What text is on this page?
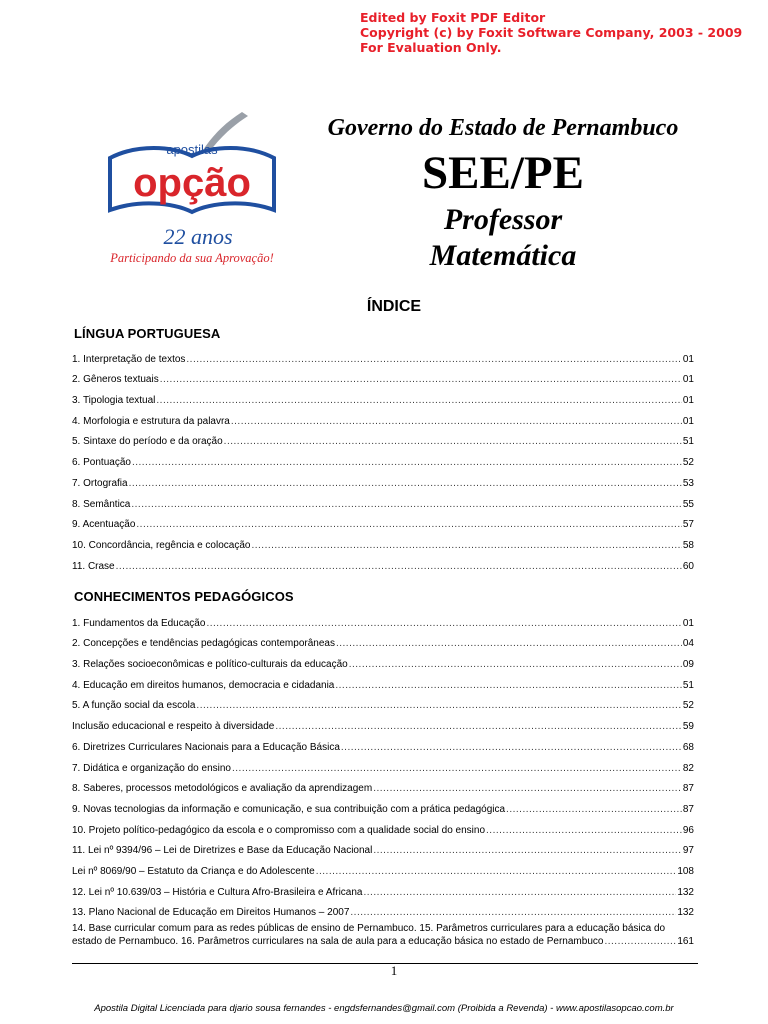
Edited by Foxit PDF Editor
Copyright (c) by Foxit Software Company, 2003 - 2009
For Evaluation Only.
apostilas
opção
22 anos
Participando da sua Aprovação!
Governo do Estado de Pernambuco
SEE/PE
Professor
Matemática
ÍNDICE
LÍNGUA PORTUGUESA
1. Interpretação de textos .....	01
2. Gêneros textuais .....	01
3. Tipologia textual .....	01
4. Morfologia e estrutura da palavra .....	01
5. Sintaxe do período e da oração .....	51
6. Pontuação .....	52
7. Ortografia .....	53
8. Semântica .....	55
9. Acentuação .....	57
10. Concordância, regência e colocação .....	58
11. Crase .....	60
CONHECIMENTOS PEDAGÓGICOS
1. Fundamentos da Educação .....	01
2. Concepções e tendências pedagógicas contemporâneas .....	04
3. Relações socioeconômicas e político-culturais da educação .....	09
4. Educação em direitos humanos, democracia e cidadania .....	51
5. A função social da escola .....	52
Inclusão educacional e respeito à diversidade .....	59
6. Diretrizes Curriculares Nacionais para a Educação Básica .....	68
7. Didática e organização do ensino .....	82
8. Saberes, processos metodológicos e avaliação da aprendizagem .....	87
9. Novas tecnologias da informação e comunicação, e sua contribuição com a prática pedagógica .....	87
10. Projeto político-pedagógico da escola e o compromisso com a qualidade social do ensino .....	96
11. Lei nº 9394/96 – Lei de Diretrizes e Base da Educação Nacional .....	97
Lei nº 8069/90 – Estatuto da Criança e do Adolescente .....	108
12. Lei nº 10.639/03 – História e Cultura Afro-Brasileira e Africana .....	132
13. Plano Nacional de Educação em Direitos Humanos – 2007 .....	132
14. Base curricular comum para as redes públicas de ensino de Pernambuco. 15. Parâmetros curriculares para a educação básica do
estado de Pernambuco. 16. Parâmetros curriculares na sala de aula para a educação básica no estado de Pernambuco .....	161
1
Apostila Digital Licenciada para djario sousa fernandes - engdsfernandes@gmail.com (Proibida a Revenda) - www.apostilasopcao.com.br
